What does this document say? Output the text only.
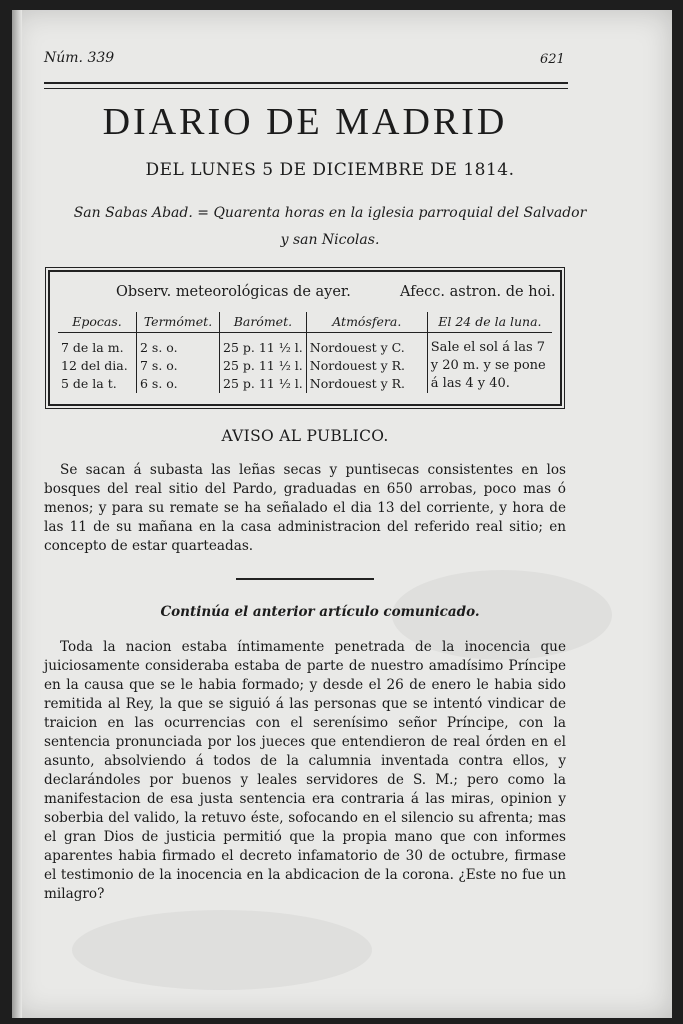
Núm. 339	621
DIARIO DE MADRID
DEL LUNES 5 DE DICIEMBRE DE 1814.
San Sabas Abad. = Quarenta horas en la iglesia parroquial del Salvador
y san Nicolas.
Observ. meteorológicas de ayer.	Afecc. astron. de hoi.
Epocas.	Termómet.	Barómet.	Atmósfera.	El 24 de la luna.

7 de la m.	2 s. o.	25 p. 11 ½ l.	Nordouest y C.	Sale el sol á las 7
12 del dia.	7 s. o.	25 p. 11 ½ l.	Nordouest y R.	y 20 m. y se pone
5 de la t.	6 s. o.	25 p. 11 ½ l.	Nordouest y R.	á las 4 y 40.
AVISO AL PUBLICO.
Se sacan á subasta las leñas secas y puntisecas consistentes en los bosques del real sitio del Pardo, graduadas en 650 arrobas, poco mas ó menos; y para su remate se ha señalado el dia 13 del corriente, y hora de las 11 de su mañana en la casa administracion del referido real sitio; en concepto de estar quarteadas.
Continúa el anterior artículo comunicado.
Toda la nacion estaba íntimamente penetrada de la inocencia que juiciosamente consideraba estaba de parte de nuestro amadísimo Príncipe en la causa que se le habia formado; y desde el 26 de enero le habia sido remitida al Rey, la que se siguió á las personas que se intentó vindicar de traicion en las ocurrencias con el serenísimo señor Príncipe, con la sentencia pronunciada por los jueces que entendieron de real órden en el asunto, absolviendo á todos de la calumnia inventada contra ellos, y declarándoles por buenos y leales servidores de S. M.; pero como la manifestacion de esa justa sentencia era contraria á las miras, opinion y soberbia del valido, la retuvo éste, sofocando en el silencio su afrenta; mas el gran Dios de justicia permitió que la propia mano que con informes aparentes habia firmado el decreto infamatorio de 30 de octubre, firmase el testimonio de la inocencia en la abdicacion de la corona. ¿Este no fue un milagro?
